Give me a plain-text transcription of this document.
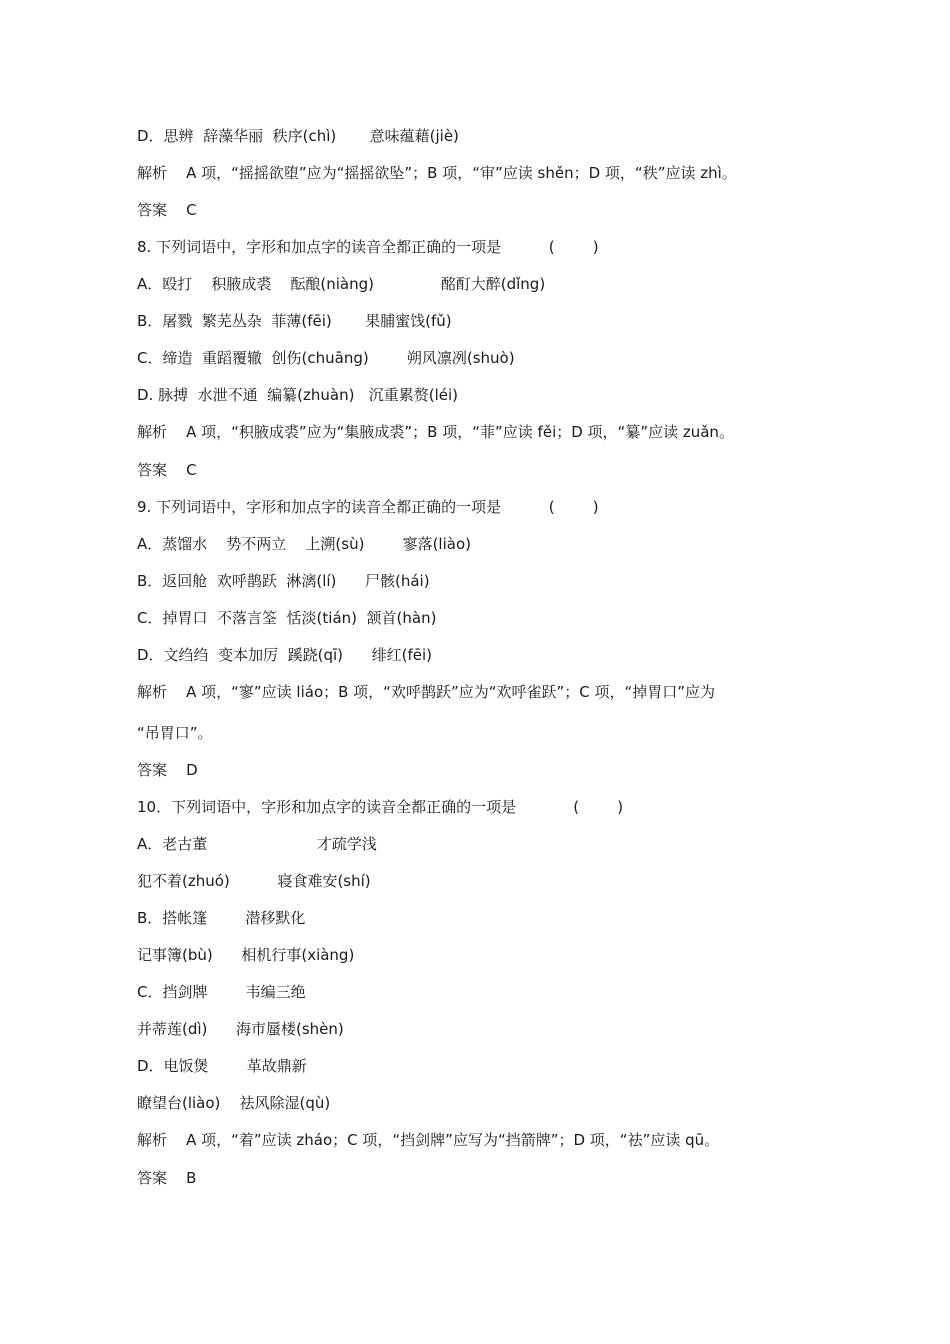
D．思辨  辞藻华丽  秩序(chì)       意味蕴藉(jiè)
解析    A 项，“摇摇欲堕”应为“摇摇欲坠”；B 项，“审”应读 shěn；D 项，“秩”应读 zhì。
答案    C
8. 下列词语中，字形和加点字的读音全都正确的一项是          (        )
A．殴打    积腋成裘    酝酿(niàng)              酩酊大醉(dǐng)
B．屠戮  繁芜丛杂  菲薄(fēi)       果脯蜜饯(fǔ)
C．缔造  重蹈覆辙  创伤(chuāng)        朔风凛冽(shuò)
D. 脉搏  水泄不通  编纂(zhuàn)   沉重累赘(léi)
解析    A 项，“积腋成裘”应为“集腋成裘”；B 项，“菲”应读 fěi；D 项，“纂”应读 zuǎn。
答案    C
9. 下列词语中，字形和加点字的读音全都正确的一项是          (        )
A．蒸馏水    势不两立    上溯(sù)        寥落(liào)
B．返回舱  欢呼鹊跃  淋漓(lí)      尸骸(hái)
C．掉胃口  不落言筌  恬淡(tián)  颔首(hàn)
D．文绉绉  变本加厉  蹊跷(qī)      绯红(fēi)
解析    A 项，“寥”应读 liáo；B 项，“欢呼鹊跃”应为“欢呼雀跃”；C 项，“掉胃口”应为
“吊胃口”。
答案    D
10．下列词语中，字形和加点字的读音全都正确的一项是            (        )
A．老古董                       才疏学浅
犯不着(zhuó)          寝食难安(shí)
B．搭帐篷        潜移默化
记事簿(bù)      相机行事(xiàng)
C．挡剑牌        韦编三绝
并蒂莲(dì)      海市蜃楼(shèn)
D．电饭煲        革故鼎新
瞭望台(liào)    祛风除湿(qù)
解析    A 项，“着”应读 zháo；C 项，“挡剑牌”应写为“挡箭牌”；D 项，“祛”应读 qū。
答案    B
